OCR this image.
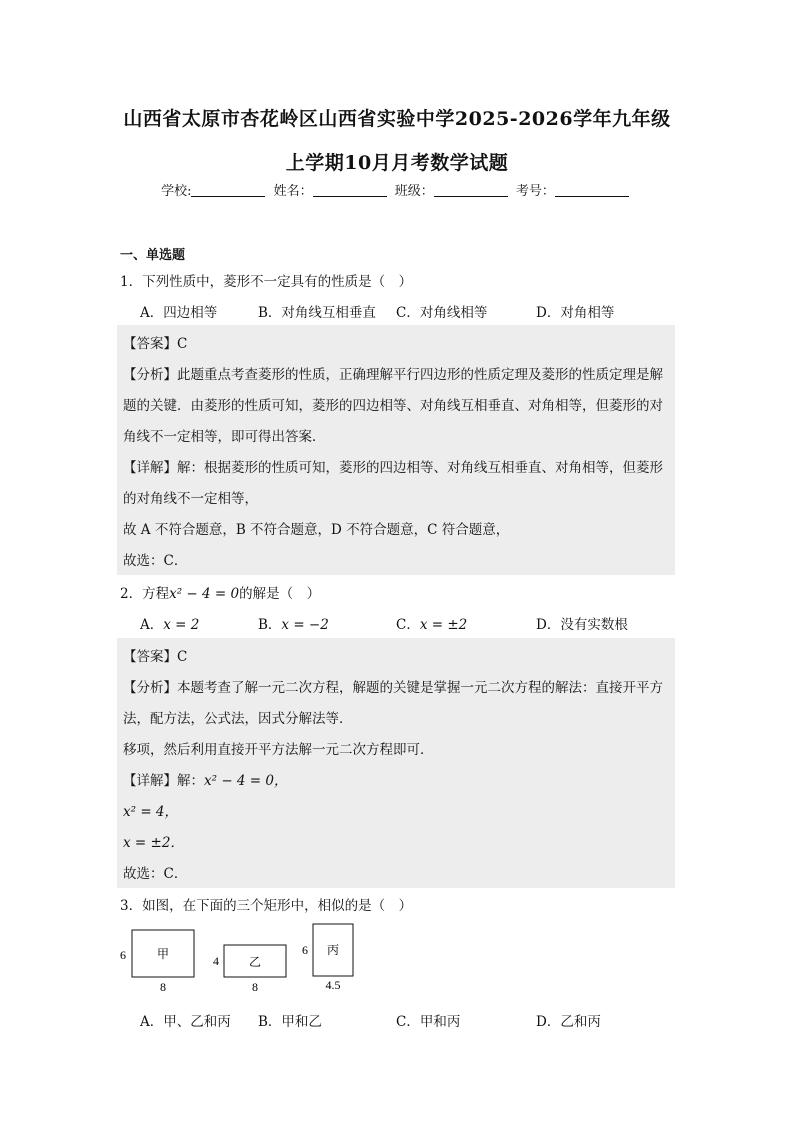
山西省太原市杏花岭区山西省实验中学2025-2026学年九年级
上学期10月月考数学试题
学校:	姓名：	班级：	考号：
一、单选题
1．下列性质中，菱形不一定具有的性质是（　）
A．四边相等	B．对角线互相垂直 C．对角线相等	D．对角相等
【答案】C
【分析】此题重点考查菱形的性质，正确理解平行四边形的性质定理及菱形的性质定理是解
题的关键．由菱形的性质可知，菱形的四边相等、对角线互相垂直、对角相等，但菱形的对
角线不一定相等，即可得出答案．
【详解】解：根据菱形的性质可知，菱形的四边相等、对角线互相垂直、对角相等，但菱形
的对角线不一定相等，
故 A 不符合题意，B 不符合题意，D 不符合题意，C 符合题意，
故选：C．
2．方程x² − 4 = 0的解是（　）
A．x = 2	B．x = −2	C．x = ±2	D．没有实数根
【答案】C
【分析】本题考查了解一元二次方程，解题的关键是掌握一元二次方程的解法：直接开平方
法，配方法，公式法，因式分解法等．
移项，然后利用直接开平方法解一元二次方程即可．
【详解】解：x² − 4 = 0，
x² = 4，
x = ±2．
故选：C．
3．如图，在下面的三个矩形中，相似的是（　）
甲
6
8
乙
4
8
丙
6
4.5
A．甲、乙和丙 B．甲和乙	C．甲和丙	D．乙和丙
